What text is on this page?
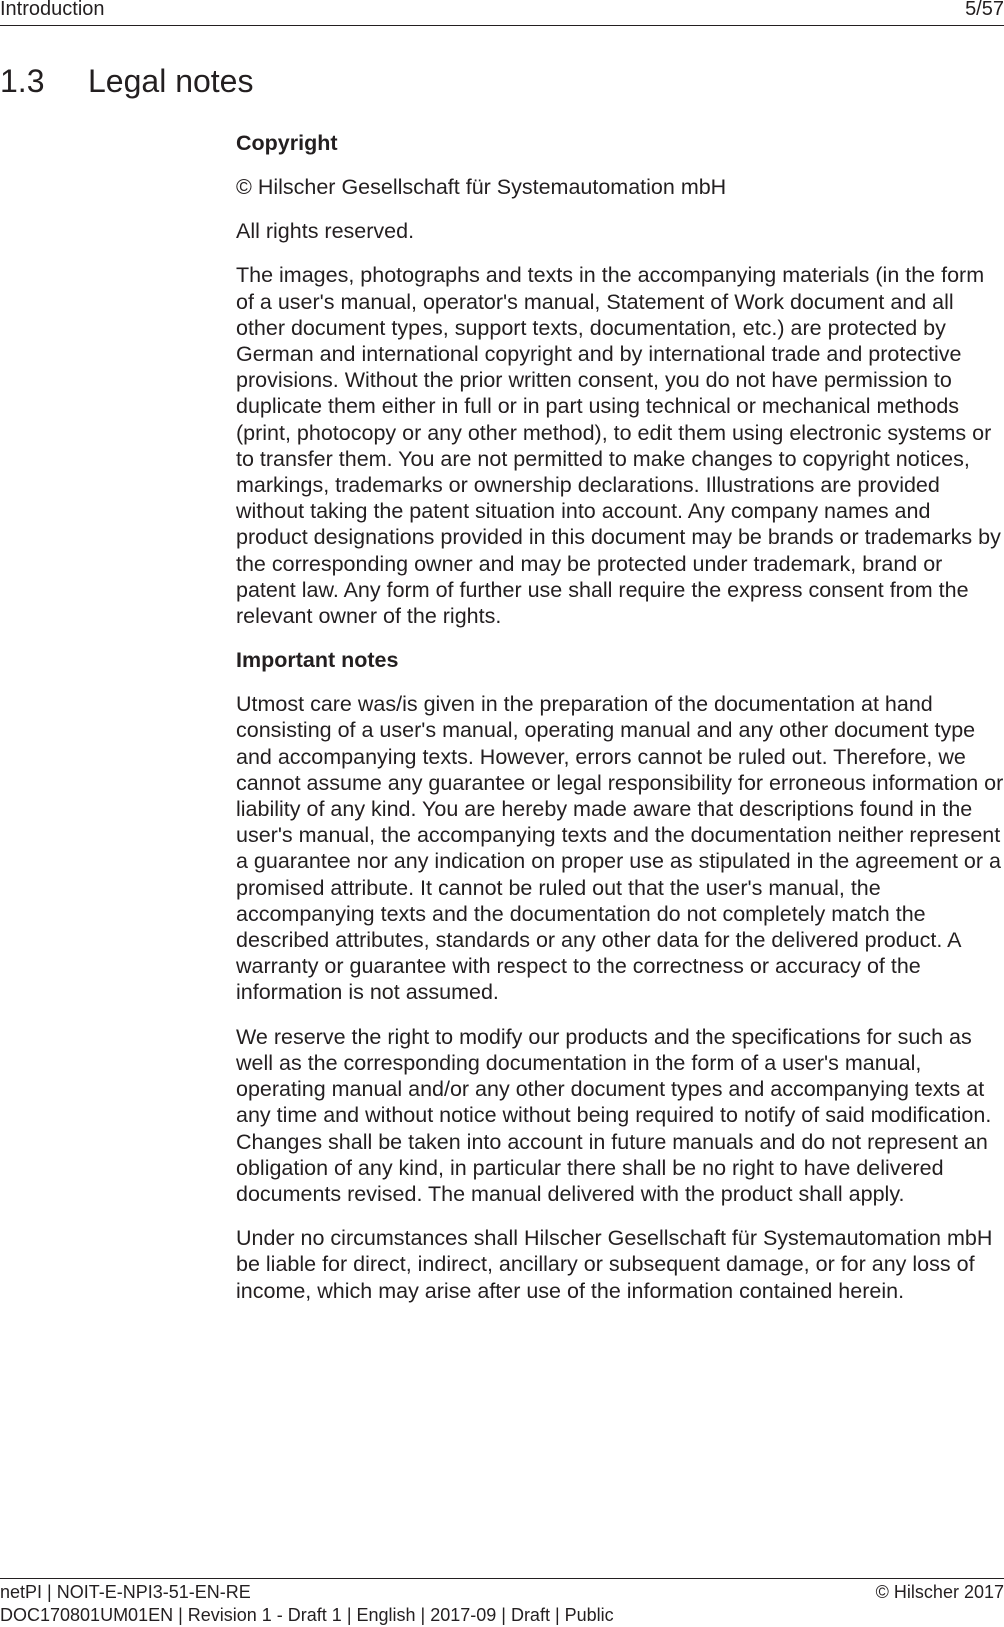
Introduction	5/57
1.3 Legal notes
Copyright

© Hilscher Gesellschaft für Systemautomation mbH

All rights reserved.

The images, photographs and texts in the accompanying materials (in the form of a user's manual, operator's manual, Statement of Work document and all other document types, support texts, documentation, etc.) are protected by German and international copyright and by international trade and protective provisions. Without the prior written consent, you do not have permission to duplicate them either in full or in part using technical or mechanical methods (print, photocopy or any other method), to edit them using electronic systems or to transfer them. You are not permitted to make changes to copyright notices, markings, trademarks or ownership declarations. Illustrations are provided without taking the patent situation into account. Any company names and product designations provided in this document may be brands or trademarks by the corresponding owner and may be protected under trademark, brand or patent law. Any form of further use shall require the express consent from the relevant owner of the rights.

Important notes

Utmost care was/is given in the preparation of the documentation at hand consisting of a user's manual, operating manual and any other document type and accompanying texts. However, errors cannot be ruled out. Therefore, we cannot assume any guarantee or legal responsibility for erroneous information or liability of any kind. You are hereby made aware that descriptions found in the user's manual, the accompanying texts and the documentation neither represent a guarantee nor any indication on proper use as stipulated in the agreement or a promised attribute. It cannot be ruled out that the user's manual, the accompanying texts and the documentation do not completely match the described attributes, standards or any other data for the delivered product. A warranty or guarantee with respect to the correctness or accuracy of the information is not assumed.

We reserve the right to modify our products and the specifications for such as well as the corresponding documentation in the form of a user's manual, operating manual and/or any other document types and accompanying texts at any time and without notice without being required to notify of said modification. Changes shall be taken into account in future manuals and do not represent an obligation of any kind, in particular there shall be no right to have delivered documents revised. The manual delivered with the product shall apply.

Under no circumstances shall Hilscher Gesellschaft für Systemautomation mbH be liable for direct, indirect, ancillary or subsequent damage, or for any loss of income, which may arise after use of the information contained herein.

netPI | NOIT-E-NPI3-51-EN-RE	© Hilscher 2017
DOC170801UM01EN | Revision 1 - Draft 1 | English | 2017-09 | Draft | Public
